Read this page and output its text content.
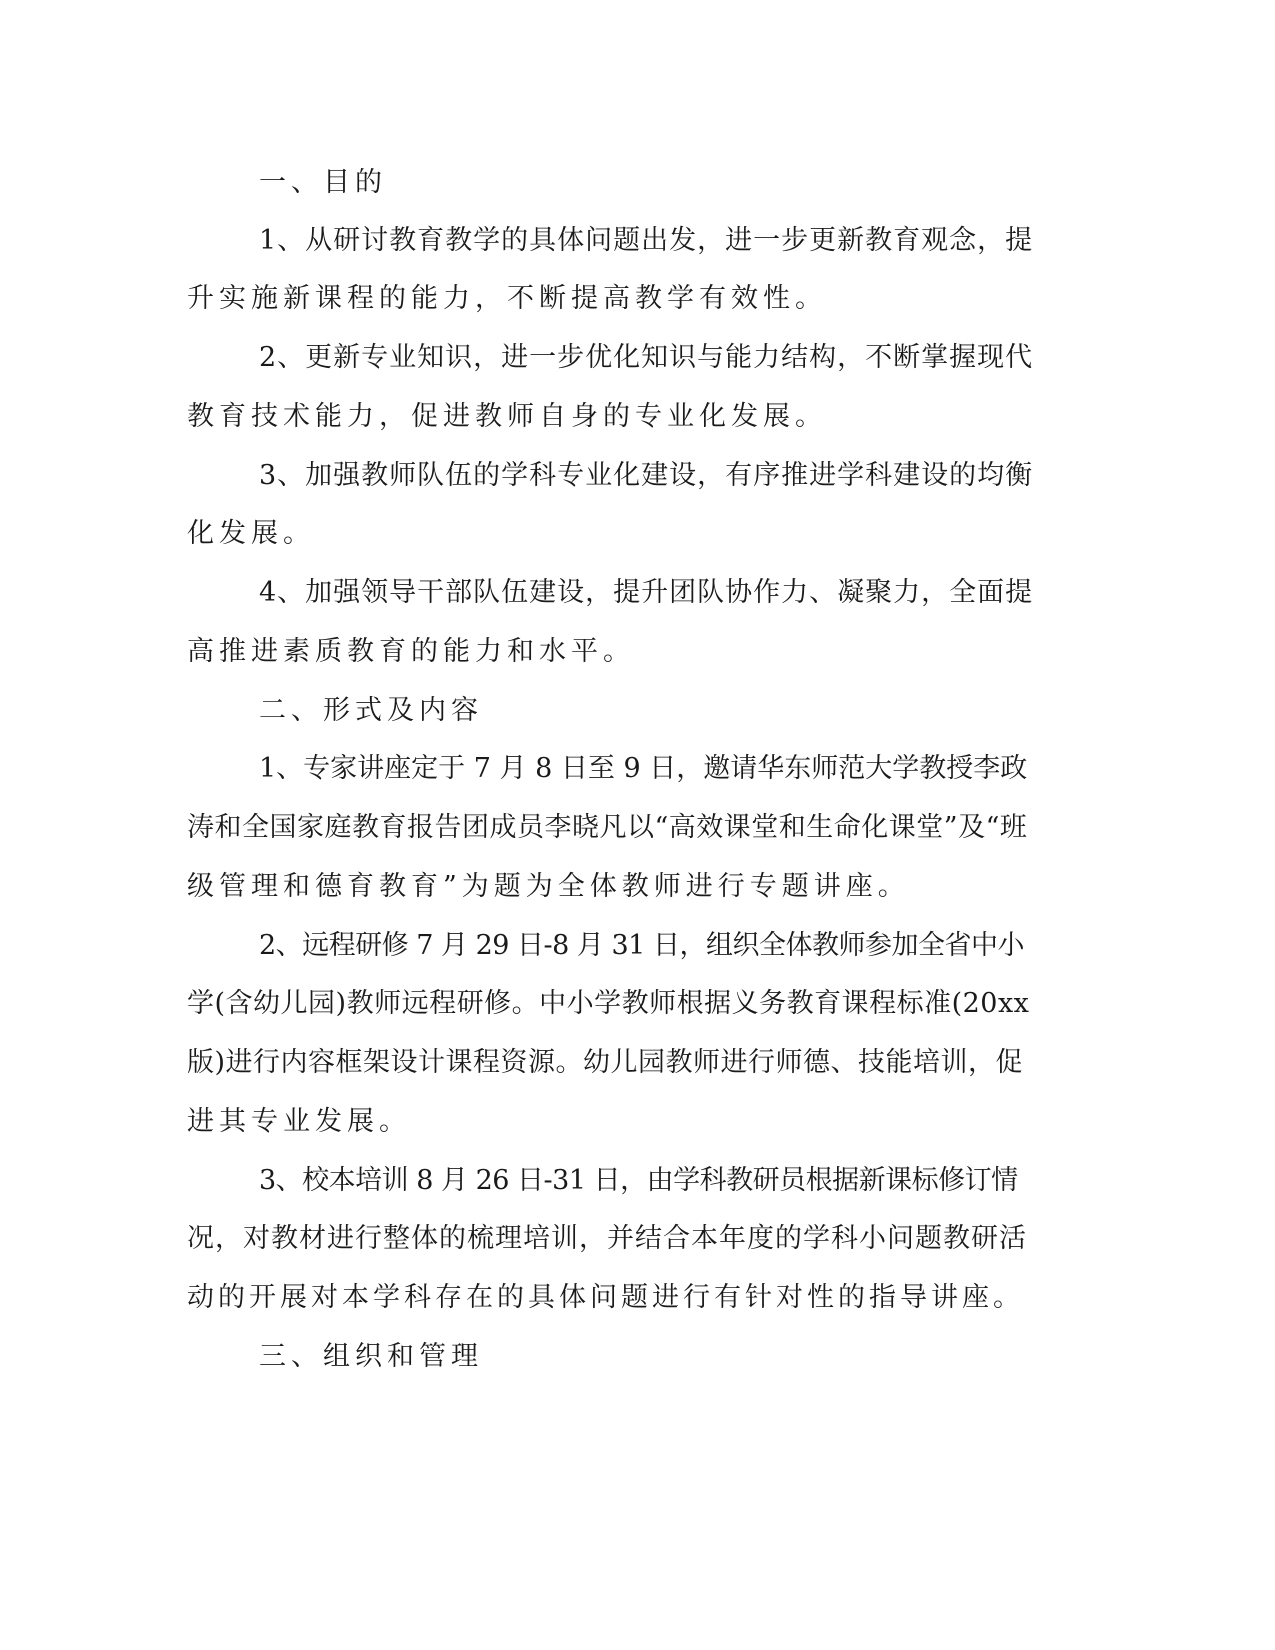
一、目的
1、从研讨教育教学的具体问题出发，进一步更新教育观念，提
升实施新课程的能力，不断提高教学有效性。
2、更新专业知识，进一步优化知识与能力结构，不断掌握现代
教育技术能力，促进教师自身的专业化发展。
3、加强教师队伍的学科专业化建设，有序推进学科建设的均衡
化发展。
4、加强领导干部队伍建设，提升团队协作力、凝聚力，全面提
高推进素质教育的能力和水平。
二、形式及内容
1、专家讲座定于 7 月 8 日至 9 日，邀请华东师范大学教授李政
涛和全国家庭教育报告团成员李晓凡以“高效课堂和生命化课堂”及“班
级管理和德育教育”为题为全体教师进行专题讲座。
2、远程研修 7 月 29 日-8 月 31 日，组织全体教师参加全省中小
学(含幼儿园)教师远程研修。中小学教师根据义务教育课程标准(20xx
版)进行内容框架设计课程资源。幼儿园教师进行师德、技能培训，促
进其专业发展。
3、校本培训 8 月 26 日-31 日，由学科教研员根据新课标修订情
况，对教材进行整体的梳理培训，并结合本年度的学科小问题教研活
动的开展对本学科存在的具体问题进行有针对性的指导讲座。
三、组织和管理
